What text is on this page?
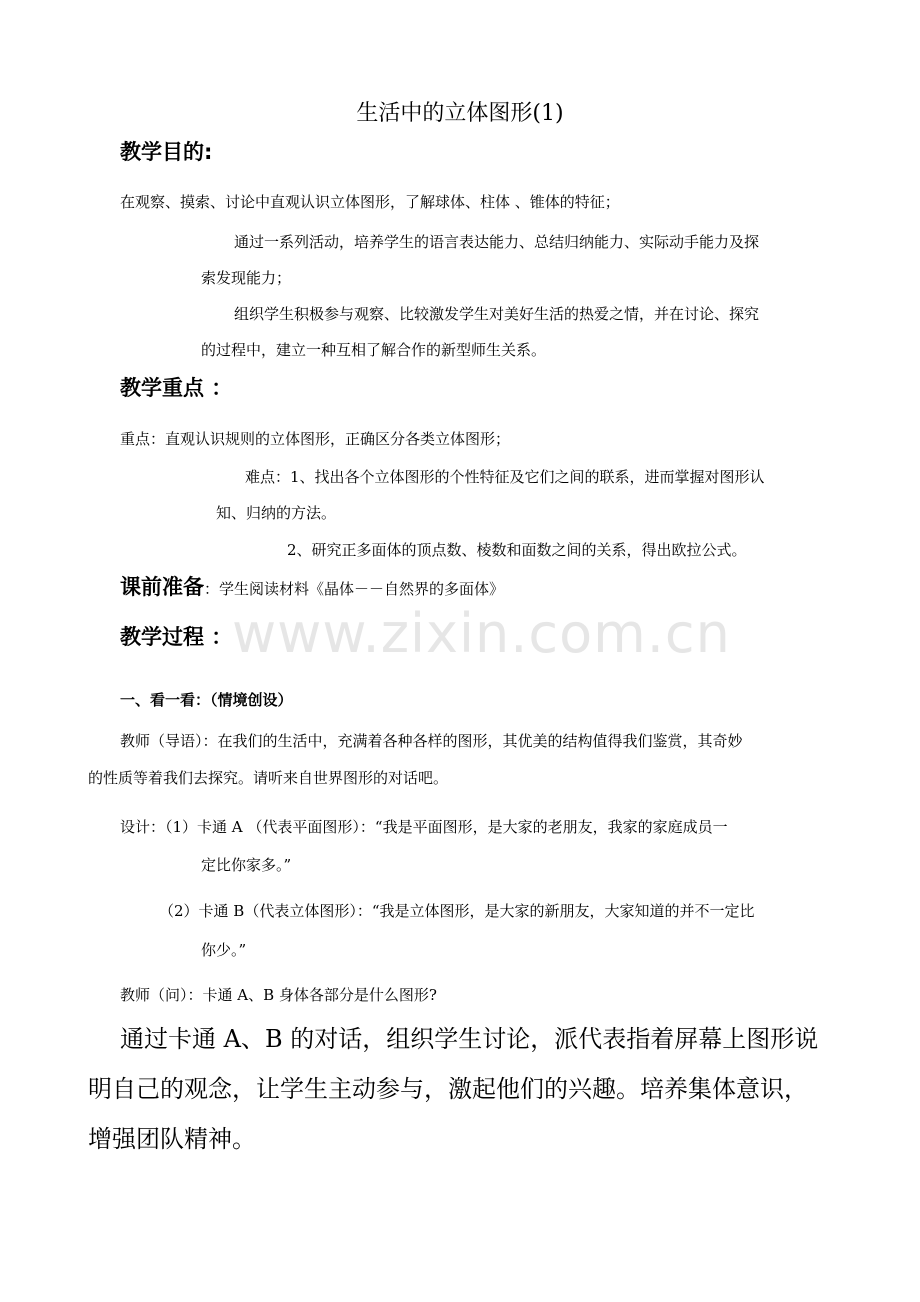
生活中的立体图形(1)
教学目的:
在观察、摸索、讨论中直观认识立体图形，了解球体、柱体 、锥体的特征；
通过一系列活动，培养学生的语言表达能力、总结归纳能力、实际动手能力及探
索发现能力；
组织学生积极参与观察、比较激发学生对美好生活的热爱之情，并在讨论、探究
的过程中，建立一种互相了解合作的新型师生关系。
教学重点 ：
重点：直观认识规则的立体图形，正确区分各类立体图形；
难点：1、找出各个立体图形的个性特征及它们之间的联系，进而掌握对图形认
知、归纳的方法。
2、研究正多面体的顶点数、棱数和面数之间的关系，得出欧拉公式。
课前准备：学生阅读材料《晶体－－自然界的多面体》
www.zixin.com.cn
教学过程 ：
一、看一看：（情境创设）
教师（导语）：在我们的生活中，充满着各种各样的图形，其优美的结构值得我们鉴赏，其奇妙
的性质等着我们去探究。请听来自世界图形的对话吧。
设计：（1）卡通 A （代表平面图形）：“我是平面图形，是大家的老朋友，我家的家庭成员一
定比你家多。”
（2）卡通 B（代表立体图形）：“我是立体图形，是大家的新朋友，大家知道的并不一定比
你少。”
教师（问）：卡通 A、B 身体各部分是什么图形?
通过卡通 A、B 的对话，组织学生讨论，派代表指着屏幕上图形说
明自己的观念，让学生主动参与，激起他们的兴趣。培养集体意识，
增强团队精神。
